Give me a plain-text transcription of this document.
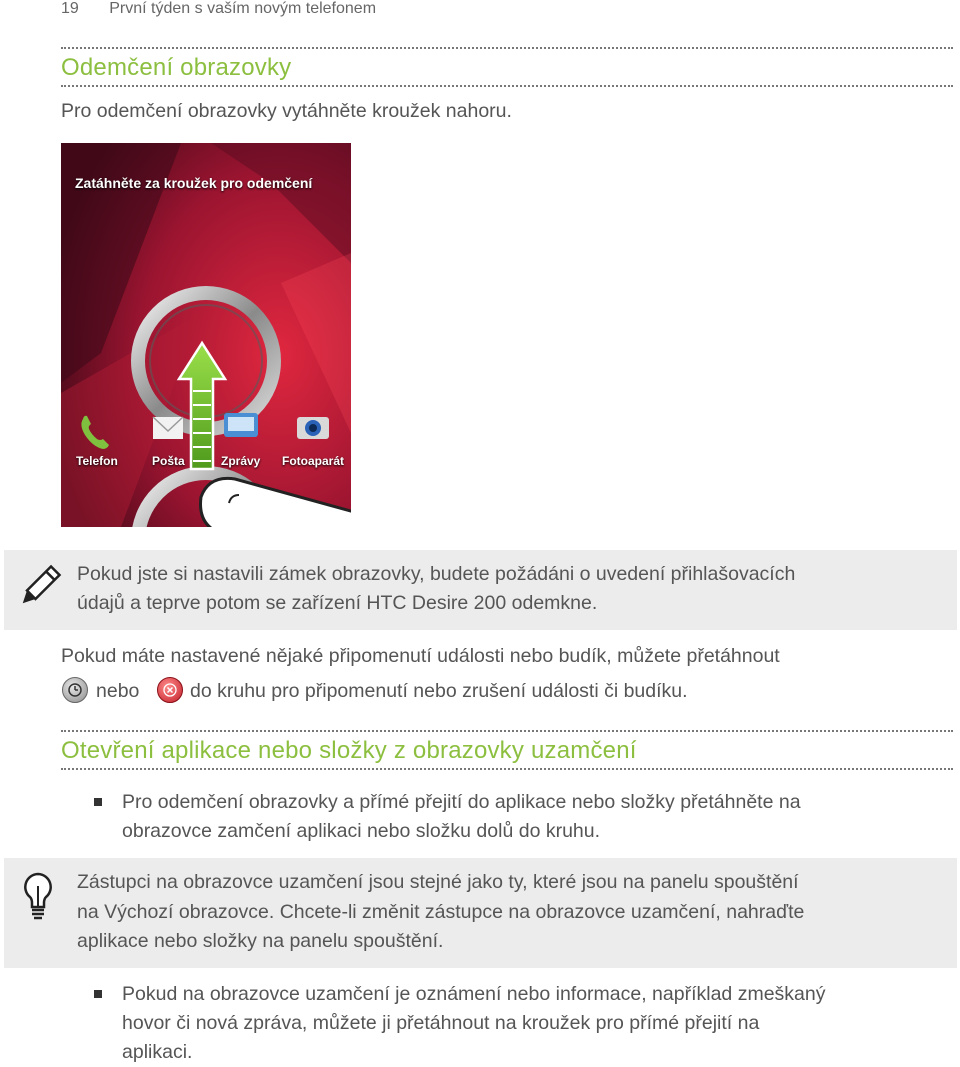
19 První týden s vaším novým telefonem
Odemčení obrazovky
Pro odemčení obrazovky vytáhněte kroužek nahoru.
Zatáhněte za kroužek pro odemčení
Telefon	Pošta	Zprávy Fotoaparát
Pokud jste si nastavili zámek obrazovky, budete požádáni o uvedení přihlašovacích
údajů a teprve potom se zařízení HTC Desire 200 odemkne.
Pokud máte nastavené nějaké připomenutí události nebo budík, můžete přetáhnout
nebo	do kruhu pro připomenutí nebo zrušení události či budíku.
Otevření aplikace nebo složky z obrazovky uzamčení
Pro odemčení obrazovky a přímé přejití do aplikace nebo složky přetáhněte na
obrazovce zamčení aplikaci nebo složku dolů do kruhu.
Zástupci na obrazovce uzamčení jsou stejné jako ty, které jsou na panelu spouštění
na Výchozí obrazovce. Chcete-li změnit zástupce na obrazovce uzamčení, nahraďte
aplikace nebo složky na panelu spouštění.
Pokud na obrazovce uzamčení je oznámení nebo informace, například zmeškaný
hovor či nová zpráva, můžete ji přetáhnout na kroužek pro přímé přejití na
aplikaci.
